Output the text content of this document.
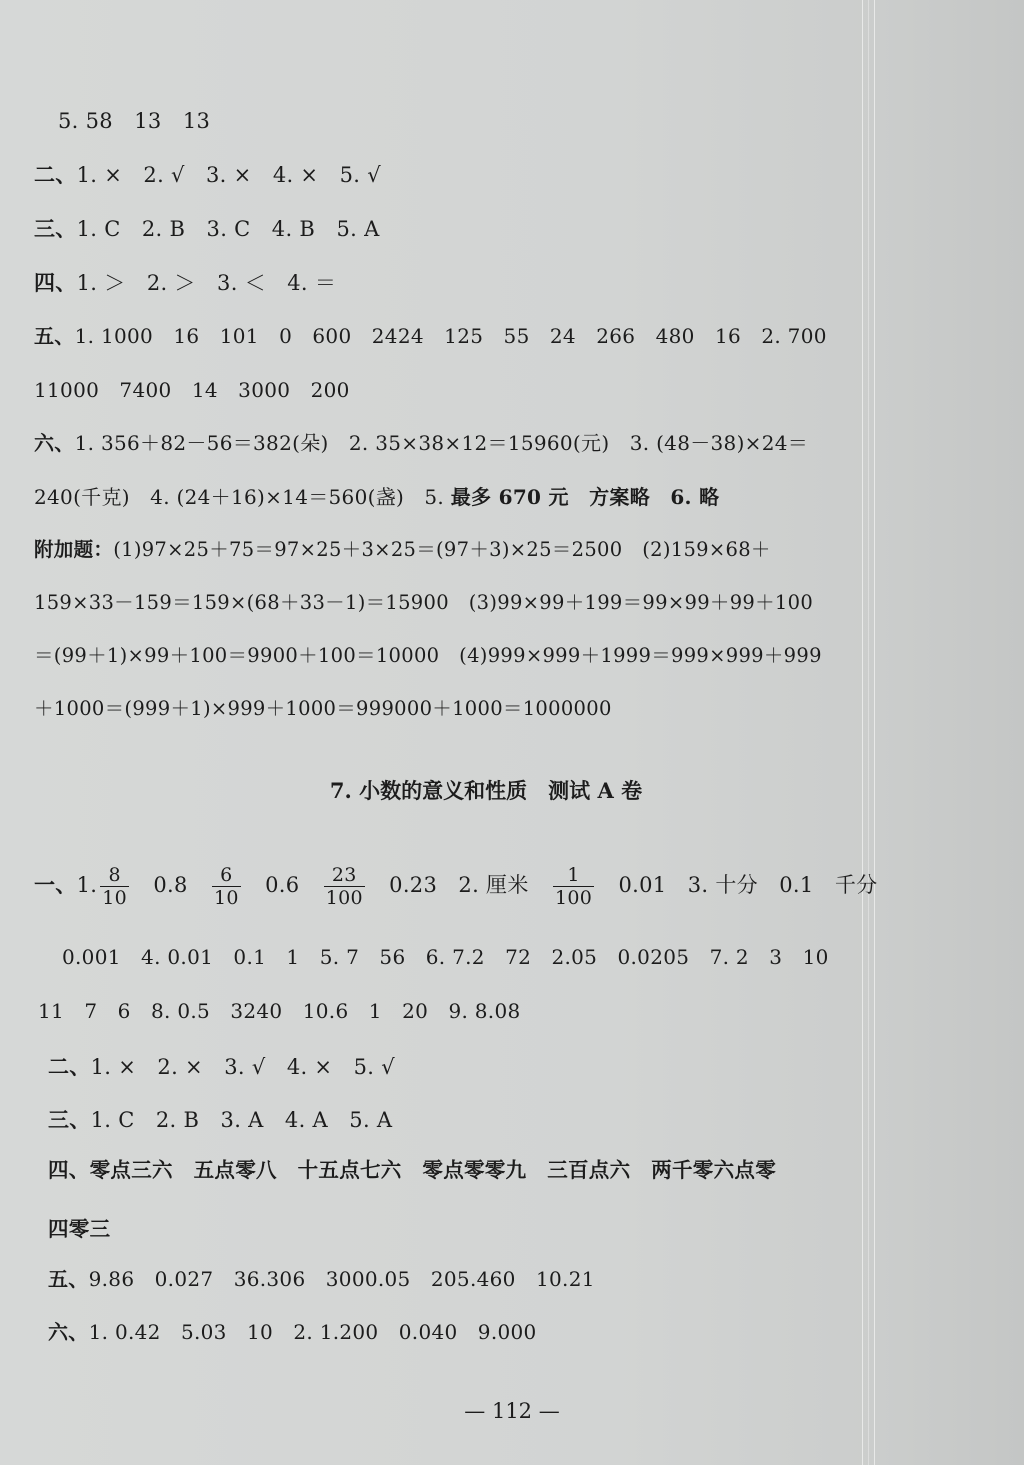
5. 58　13　13
二、1. ×　2. √　3. ×　4. ×　5. √
三、1. C　2. B　3. C　4. B　5. A
四、1. ＞　2. ＞　3. ＜　4. ＝
五、1. 1000　16　101　0　600　2424　125　55　24　266　480　16　2. 700
11000　7400　14　3000　200
六、1. 356＋82－56＝382(朵)　2. 35×38×12＝15960(元)　3. (48－38)×24＝
240(千克)　4. (24＋16)×14＝560(盏)　5. 最多 670 元　方案略　6. 略
附加题：(1)97×25＋75＝97×25＋3×25＝(97＋3)×25＝2500　(2)159×68＋
159×33－159＝159×(68＋33－1)＝15900　(3)99×99＋199＝99×99＋99＋100
＝(99＋1)×99＋100＝9900＋100＝10000　(4)999×999＋1999＝999×999＋999
＋1000＝(999＋1)×999＋1000＝999000＋1000＝1000000
7. 小数的意义和性质　测试 A 卷
一、1. $\frac{8}{10}$
　 0.8　 $\frac{6}{10}$
　 0.6　 $\frac{23}{100}$
　 0.23　2. 厘米　 $\frac{1}{100}$
　 0.01　3. 十分　0.1　千分
0.001　4. 0.01　0.1　1　5. 7　56　6. 7.2　72　2.05　0.0205　7. 2　3　10
11　7　6　8. 0.5　3240　10.6　1　20　9. 8.08
二、1. ×　2. ×　3. √　4. ×　5. √
三、1. C　2. B　3. A　4. A　5. A
四、零点三六　五点零八　十五点七六　零点零零九　三百点六　两千零六点零
四零三
五、9.86　0.027　36.306　3000.05　205.460　10.21
六、1. 0.42　5.03　10　2. 1.200　0.040　9.000
— 112 —
